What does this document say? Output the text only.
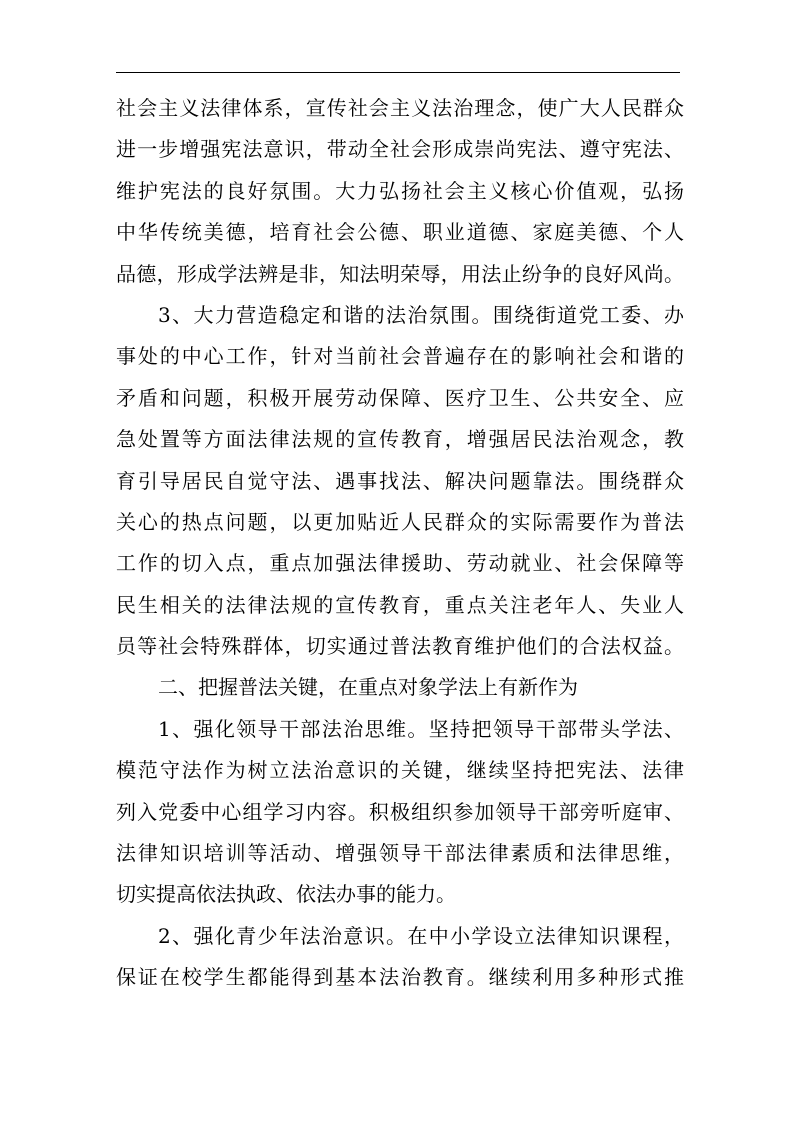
社会主义法律体系，宣传社会主义法治理念，使广大人民群众
进一步增强宪法意识，带动全社会形成崇尚宪法、遵守宪法、
维护宪法的良好氛围。大力弘扬社会主义核心价值观，弘扬
中华传统美德，培育社会公德、职业道德、家庭美德、个人
品德，形成学法辨是非，知法明荣辱，用法止纷争的良好风尚。
3、大力营造稳定和谐的法治氛围。围绕街道党工委、办
事处的中心工作，针对当前社会普遍存在的影响社会和谐的
矛盾和问题，积极开展劳动保障、医疗卫生、公共安全、应
急处置等方面法律法规的宣传教育，增强居民法治观念，教
育引导居民自觉守法、遇事找法、解决问题靠法。围绕群众
关心的热点问题，以更加贴近人民群众的实际需要作为普法
工作的切入点，重点加强法律援助、劳动就业、社会保障等
民生相关的法律法规的宣传教育，重点关注老年人、失业人
员等社会特殊群体，切实通过普法教育维护他们的合法权益。
二、把握普法关键，在重点对象学法上有新作为
1、强化领导干部法治思维。坚持把领导干部带头学法、
模范守法作为树立法治意识的关键，继续坚持把宪法、法律
列入党委中心组学习内容。积极组织参加领导干部旁听庭审、
法律知识培训等活动、增强领导干部法律素质和法律思维，
切实提高依法执政、依法办事的能力。
2、强化青少年法治意识。在中小学设立法律知识课程，
保证在校学生都能得到基本法治教育。继续利用多种形式推
